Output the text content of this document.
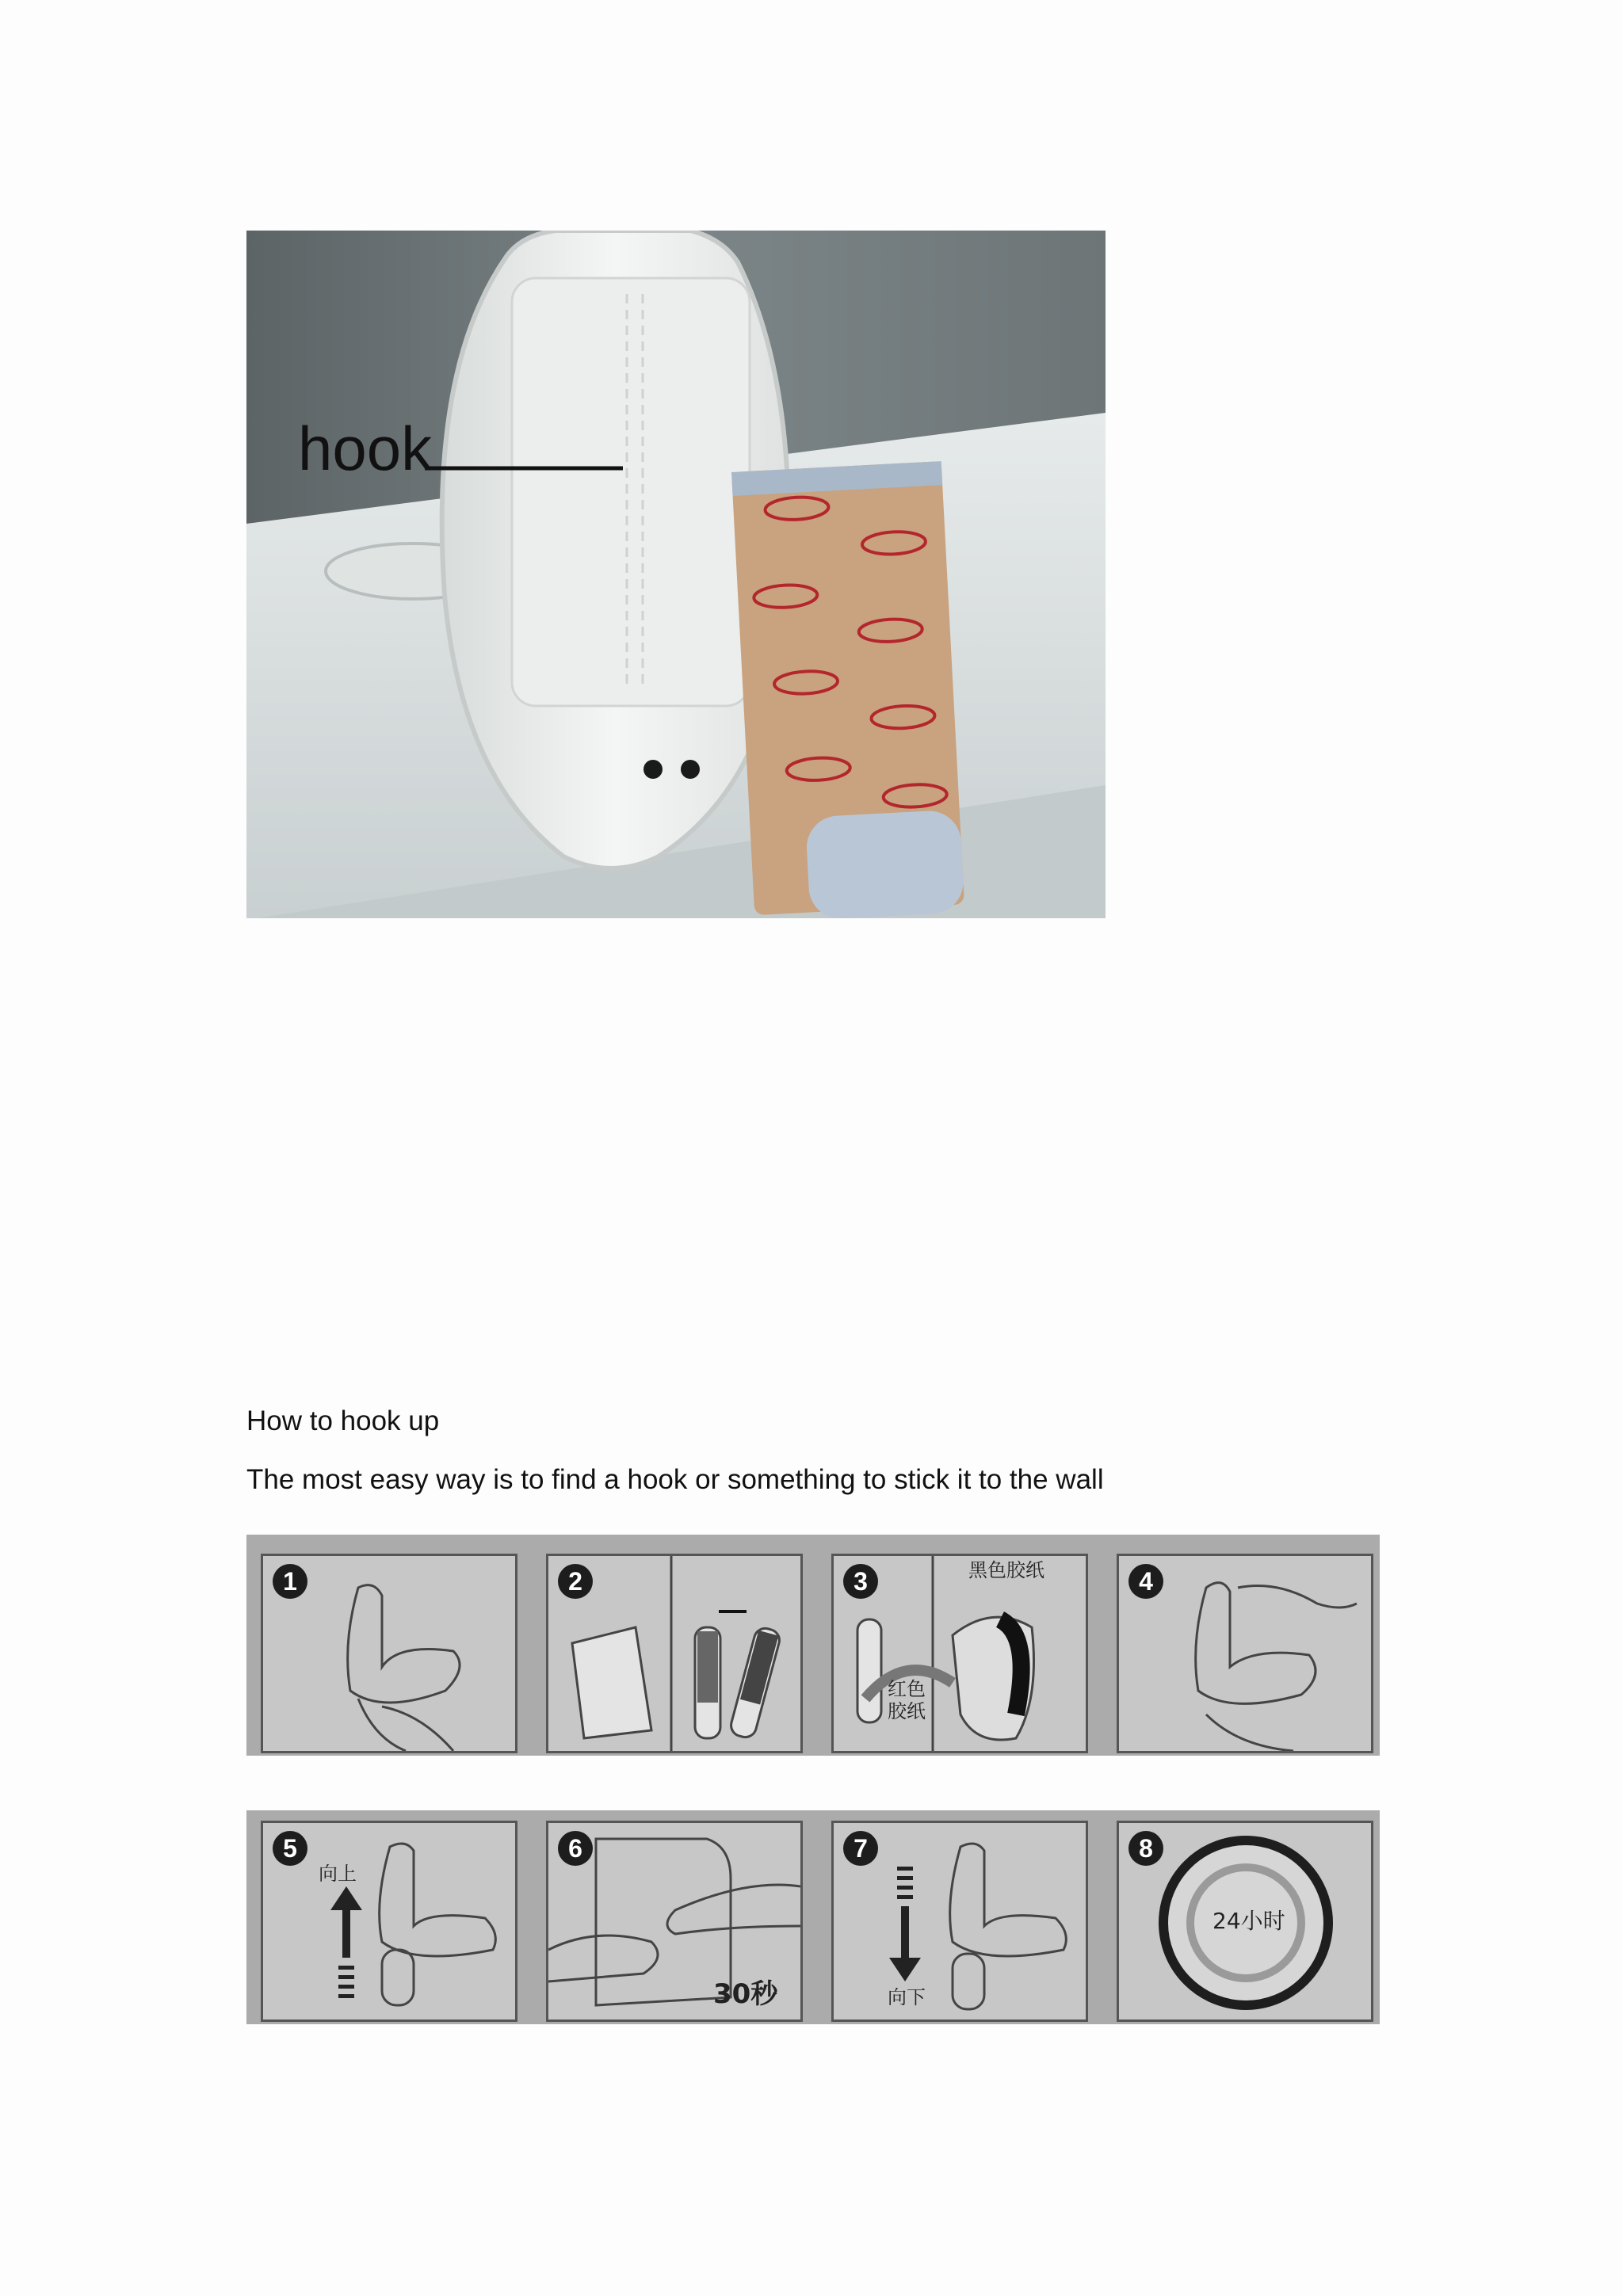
hook
How to hook up
The most easy way is to find a hook or something to stick it to the wall
1	2	3	黑色胶纸
红色胶纸
4
5
向上
6
30秒
7
向下
8
24小时
